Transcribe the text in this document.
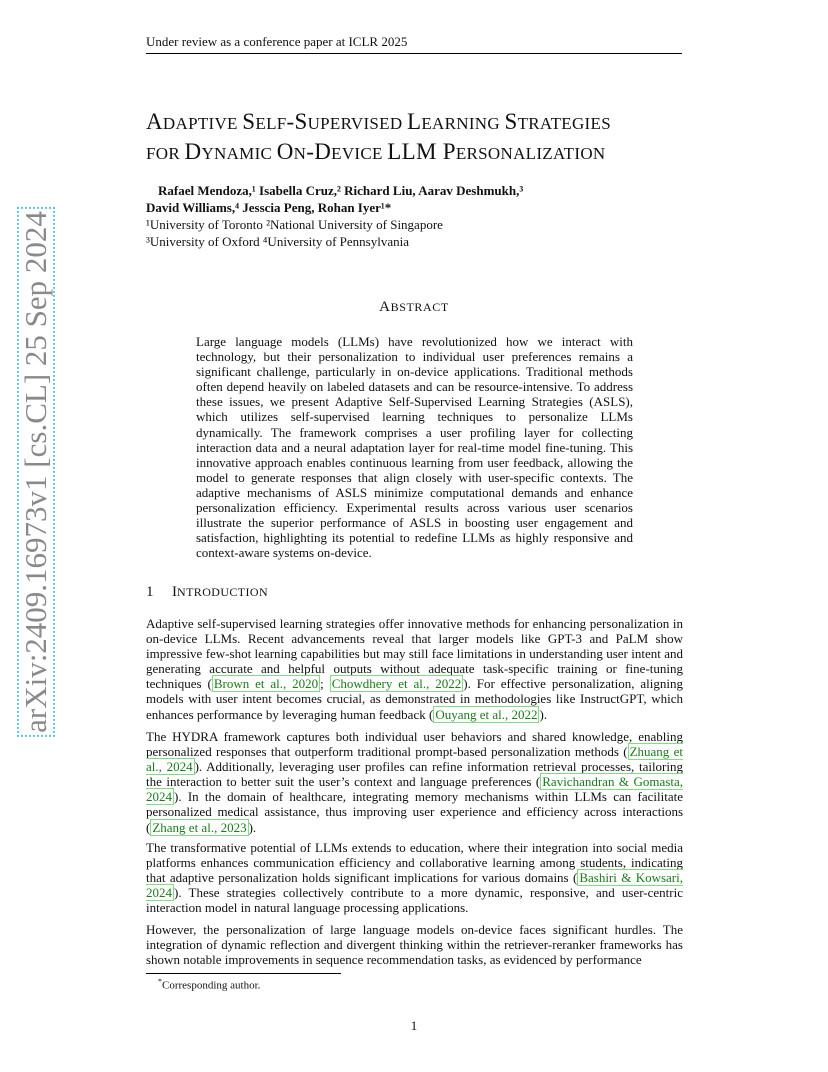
Under review as a conference paper at ICLR 2025
arXiv:2409.16973v1 [cs.CL] 25 Sep 2024
ADAPTIVE SELF-SUPERVISED LEARNING STRATEGIES
FOR DYNAMIC ON-DEVICE LLM PERSONALIZATION
Rafael Mendoza,¹ Isabella Cruz,² Richard Liu, Aarav Deshmukh,³
David Williams,⁴ Jesscia Peng, Rohan Iyer¹*
¹University of Toronto ²National University of Singapore
³University of Oxford ⁴University of Pennsylvania
ABSTRACT
Large language models (LLMs) have revolutionized how we interact with technology, but their personalization to individual user preferences remains a significant challenge, particularly in on-device applications. Traditional methods often depend heavily on labeled datasets and can be resource-intensive. To address these issues, we present Adaptive Self-Supervised Learning Strategies (ASLS), which utilizes self-supervised learning techniques to personalize LLMs dynamically. The framework comprises a user profiling layer for collecting interaction data and a neural adaptation layer for real-time model fine-tuning. This innovative approach enables continuous learning from user feedback, allowing the model to generate responses that align closely with user-specific contexts. The adaptive mechanisms of ASLS minimize computational demands and enhance personalization efficiency. Experimental results across various user scenarios illustrate the superior performance of ASLS in boosting user engagement and satisfaction, highlighting its potential to redefine LLMs as highly responsive and context-aware systems on-device.
1 INTRODUCTION

Adaptive self-supervised learning strategies offer innovative methods for enhancing personalization in on-device LLMs. Recent advancements reveal that larger models like GPT-3 and PaLM show impressive few-shot learning capabilities but may still face limitations in understanding user intent and generating accurate and helpful outputs without adequate task-specific training or fine-tuning techniques ( Brown et al., 2020 ; Chowdhery et al., 2022 ). For effective personalization, aligning models with user intent becomes crucial, as demonstrated in methodologies like InstructGPT, which enhances performance by leveraging human feedback ( Ouyang et al., 2022 ).

The HYDRA framework captures both individual user behaviors and shared knowledge, enabling personalized responses that outperform traditional prompt-based personalization methods ( Zhuang et al., 2024 ). Additionally, leveraging user profiles can refine information retrieval processes, tailoring the interaction to better suit the user’s context and language preferences ( Ravichandran & Gomasta, 2024 ). In the domain of healthcare, integrating memory mechanisms within LLMs can facilitate personalized medical assistance, thus improving user experience and efficiency across interactions ( Zhang et al., 2023 ).

The transformative potential of LLMs extends to education, where their integration into social media platforms enhances communication efficiency and collaborative learning among students, indicating that adaptive personalization holds significant implications for various domains ( Bashiri & Kowsari, 2024 ). These strategies collectively contribute to a more dynamic, responsive, and user-centric interaction model in natural language processing applications.

However, the personalization of large language models on-device faces significant hurdles. The integration of dynamic reflection and divergent thinking within the retriever-reranker frameworks has shown notable improvements in sequence recommendation tasks, as evidenced by performance

*Corresponding author.
1
